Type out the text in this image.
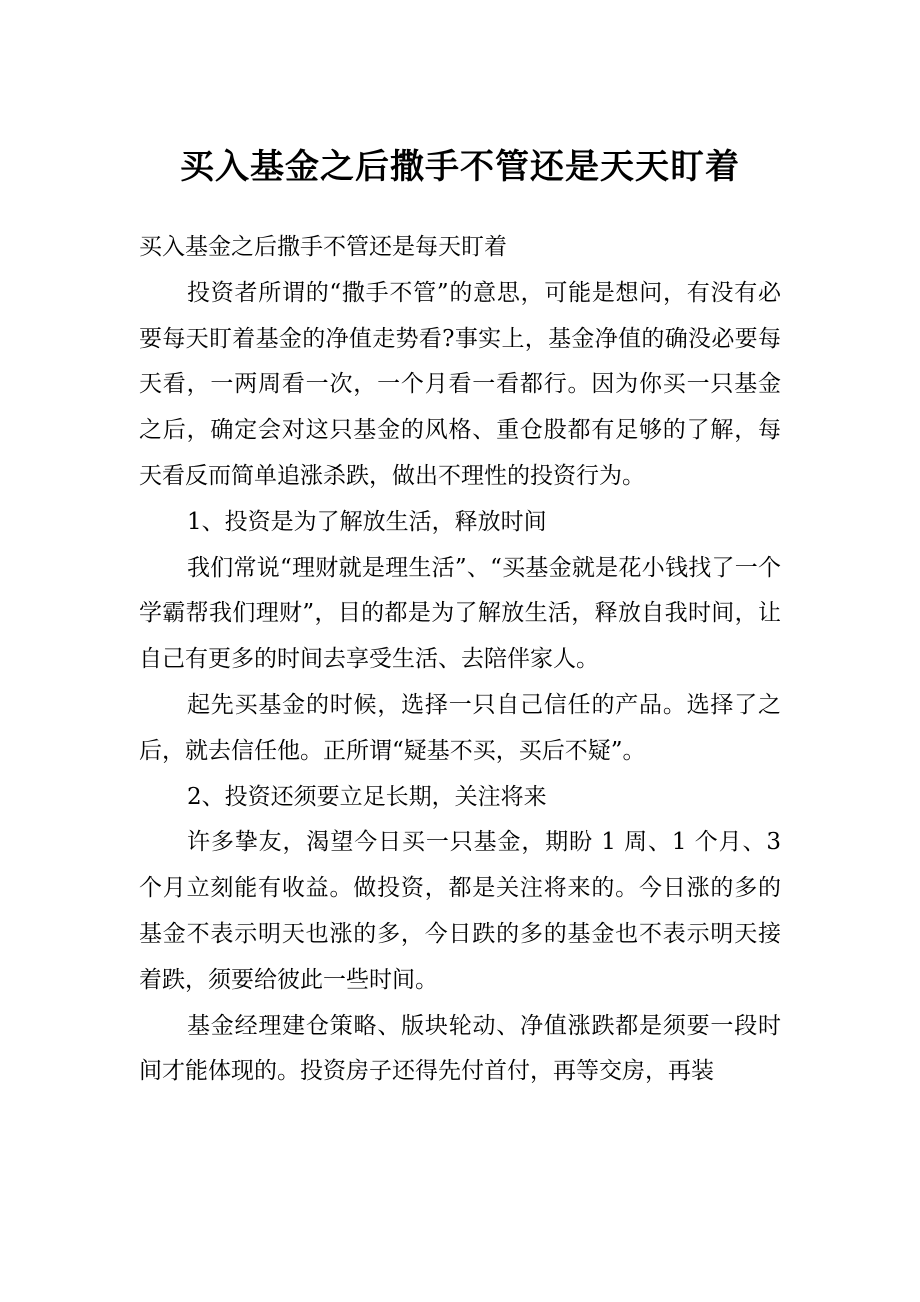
买入基金之后撒手不管还是天天盯着

买入基金之后撒手不管还是每天盯着

投资者所谓的“撒手不管”的意思，可能是想问，有没有必要每天盯着基金的净值走势看?事实上，基金净值的确没必要每天看，一两周看一次，一个月看一看都行。因为你买一只基金之后，确定会对这只基金的风格、重仓股都有足够的了解，每天看反而简单追涨杀跌，做出不理性的投资行为。

1、投资是为了解放生活，释放时间

我们常说“理财就是理生活”、“买基金就是花小钱找了一个学霸帮我们理财”，目的都是为了解放生活，释放自我时间，让自己有更多的时间去享受生活、去陪伴家人。

起先买基金的时候，选择一只自己信任的产品。选择了之后，就去信任他。正所谓“疑基不买，买后不疑”。

2、投资还须要立足长期，关注将来

许多挚友，渴望今日买一只基金，期盼 1 周、1 个月、3 个月立刻能有收益。做投资，都是关注将来的。今日涨的多的基金不表示明天也涨的多，今日跌的多的基金也不表示明天接着跌，须要给彼此一些时间。

基金经理建仓策略、版块轮动、净值涨跌都是须要一段时间才能体现的。投资房子还得先付首付，再等交房，再装
